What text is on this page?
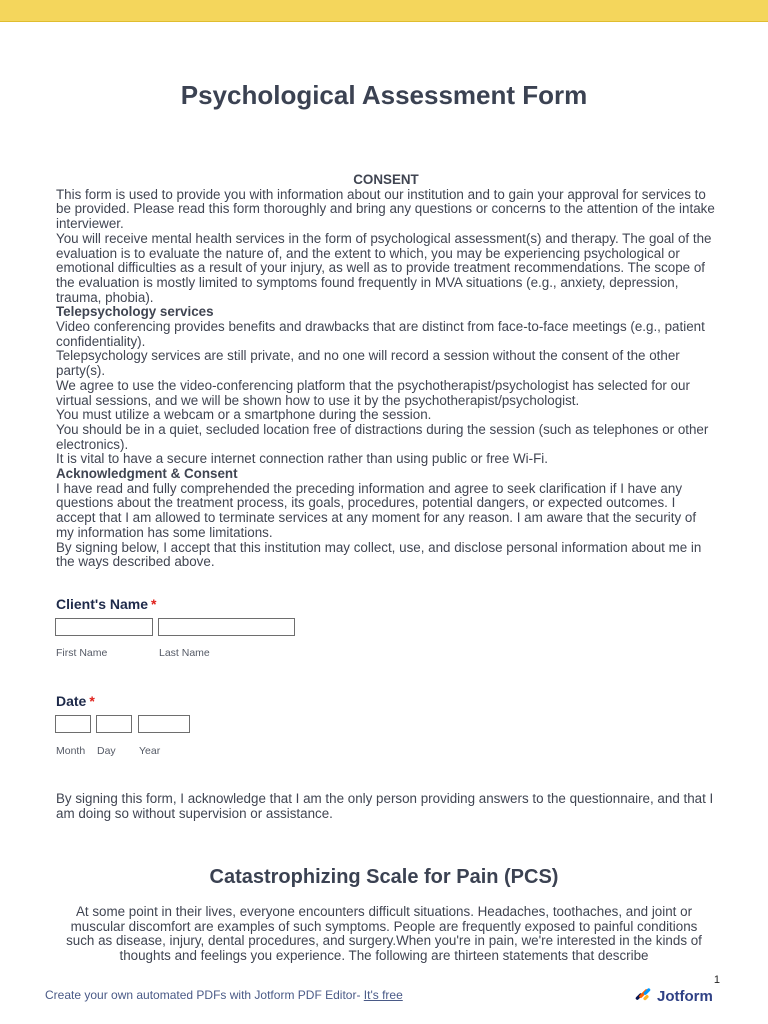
Psychological Assessment Form

CONSENT

This form is used to provide you with information about our institution and to gain your approval for services to be provided. Please read this form thoroughly and bring any questions or concerns to the attention of the intake interviewer.

You will receive mental health services in the form of psychological assessment(s) and therapy. The goal of the evaluation is to evaluate the nature of, and the extent to which, you may be experiencing psychological or emotional difficulties as a result of your injury, as well as to provide treatment recommendations. The scope of the evaluation is mostly limited to symptoms found frequently in MVA situations (e.g., anxiety, depression, trauma, phobia).

Telepsychology services

Video conferencing provides benefits and drawbacks that are distinct from face-to-face meetings (e.g., patient confidentiality).

Telepsychology services are still private, and no one will record a session without the consent of the other party(s).

We agree to use the video-conferencing platform that the psychotherapist/psychologist has selected for our virtual sessions, and we will be shown how to use it by the psychotherapist/psychologist.

You must utilize a webcam or a smartphone during the session.

You should be in a quiet, secluded location free of distractions during the session (such as telephones or other electronics).

It is vital to have a secure internet connection rather than using public or free Wi-Fi.

Acknowledgment & Consent

I have read and fully comprehended the preceding information and agree to seek clarification if I have any questions about the treatment process, its goals, procedures, potential dangers, or expected outcomes. I accept that I am allowed to terminate services at any moment for any reason. I am aware that the security of my information has some limitations.

By signing below, I accept that this institution may collect, use, and disclose personal information about me in the ways described above.

Client's Name *
First Name	Last Name
Date *
Month Day Year

By signing this form, I acknowledge that I am the only person providing answers to the questionnaire, and that I am doing so without supervision or assistance.

Catastrophizing Scale for Pain (PCS)

At some point in their lives, everyone encounters difficult situations. Headaches, toothaches, and joint or muscular discomfort are examples of such symptoms. People are frequently exposed to painful conditions such as disease, injury, dental procedures, and surgery.When you're in pain, we're interested in the kinds of thoughts and feelings you experience. The following are thirteen statements that describe

1
Create your own automated PDFs with Jotform PDF Editor- It's free	Jotform
